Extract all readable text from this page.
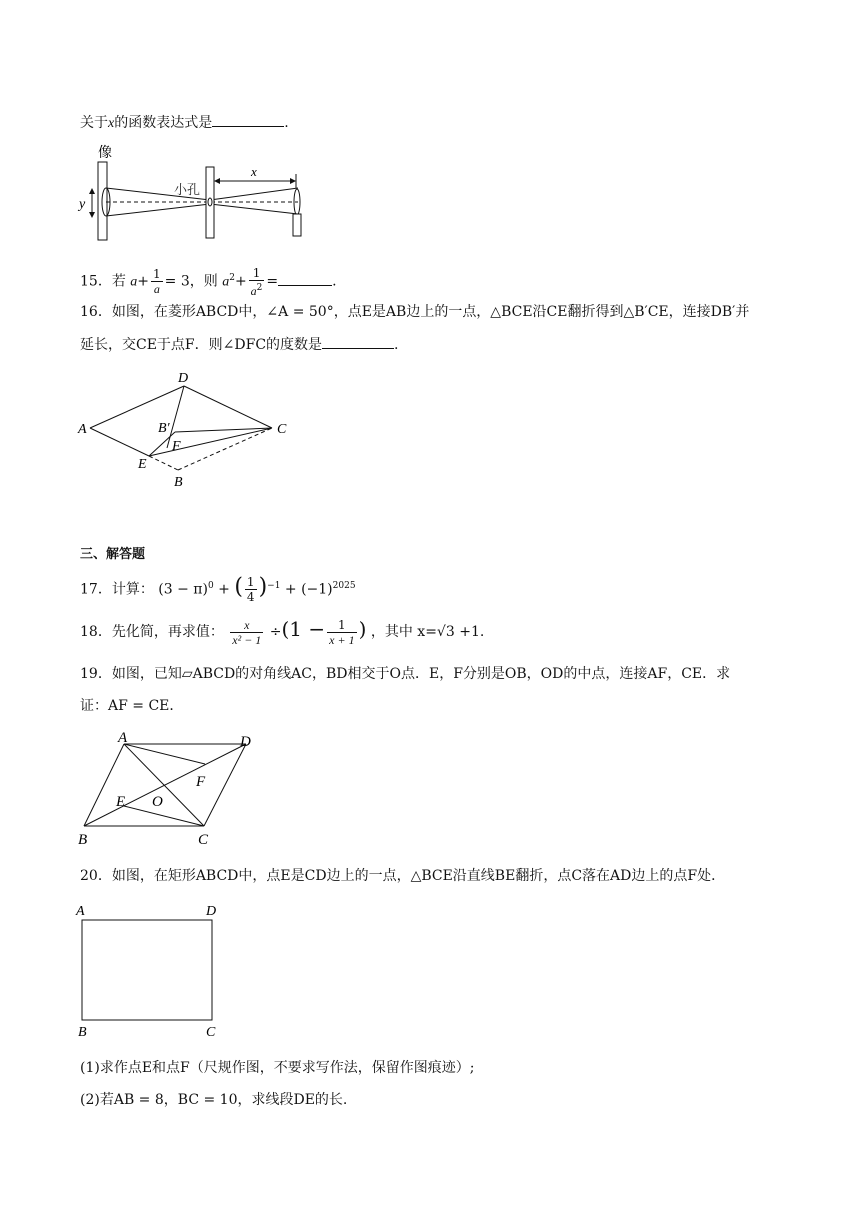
关于x的函数表达式是	.
像
y
小孔
x
15．若 $a+ \frac{1}{a} = 3$，则 $a^2+ \frac{1}{a^2}$ =	.
16．如图，在菱形ABCD中，∠A = 50°，点E是AB边上的一点，△BCE沿CE翻折得到△B′CE，连接DB′并
延长，交CE于点F．则∠DFC的度数是	.
A
D
C
B′
F
E
B
三、解答题
17．计算： $(3 - \pi)^0$ + ( $\frac{1}{4} )^{-1} + (-1)^{2025}$
18．先化简，再求值： $\frac{x}{\text{x² − 1}} \div(1 - \frac{1}{x + 1}$ ) ，其中 x=√3 +1.
19．如图，已知▱ABCD的对角线AC，BD相交于O点．E，F分别是OB，OD的中点，连接AF，CE．求
证：AF = CE．
A	D
B	C
F
E O
20．如图，在矩形ABCD中，点E是CD边上的一点，△BCE沿直线BE翻折，点C落在AD边上的点F处．
A	D
B	C
(1)求作点E和点F（尺规作图，不要求写作法，保留作图痕迹）;
(2)若AB = 8，BC = 10，求线段DE的长.
